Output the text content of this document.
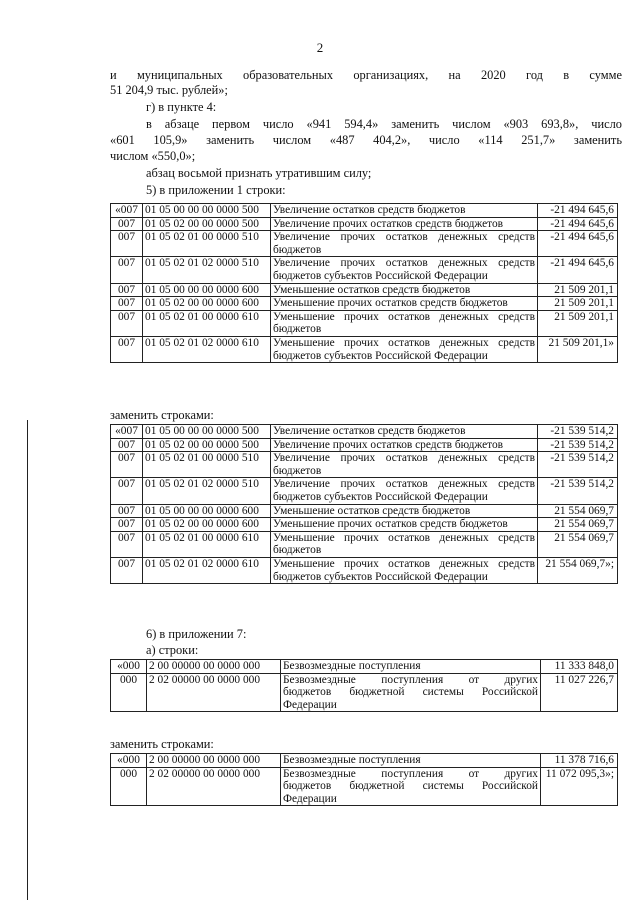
2
и муниципальных образовательных организациях, на 2020 год в сумме
51 204,9 тыс. рублей»;
г) в пункте 4:
в абзаце первом число «941 594,4» заменить числом «903 693,8», число
«601 105,9» заменить числом «487 404,2», число «114 251,7» заменить
числом «550,0»;
абзац восьмой признать утратившим силу;
5) в приложении 1 строки:
«007	01 05 00 00 00 0000 500	Увеличение остатков средств бюджетов	-21 494 645,6
007	01 05 02 00 00 0000 500	Увеличение прочих остатков средств бюджетов	-21 494 645,6
007	01 05 02 01 00 0000 510	Увеличение прочих остатков денежных средств
бюджетов	-21 494 645,6
007	01 05 02 01 02 0000 510	Увеличение прочих остатков денежных средств
бюджетов субъектов Российской Федерации	-21 494 645,6
007	01 05 00 00 00 0000 600	Уменьшение остатков средств бюджетов	21 509 201,1
007	01 05 02 00 00 0000 600	Уменьшение прочих остатков средств бюджетов	21 509 201,1
007	01 05 02 01 00 0000 610	Уменьшение прочих остатков денежных средств
бюджетов	21 509 201,1
007	01 05 02 01 02 0000 610	Уменьшение прочих остатков денежных средств
бюджетов субъектов Российской Федерации	21 509 201,1»
заменить строками:
«007	01 05 00 00 00 0000 500	Увеличение остатков средств бюджетов	-21 539 514,2
007	01 05 02 00 00 0000 500	Увеличение прочих остатков средств бюджетов	-21 539 514,2
007	01 05 02 01 00 0000 510	Увеличение прочих остатков денежных средств
бюджетов	-21 539 514,2
007	01 05 02 01 02 0000 510	Увеличение прочих остатков денежных средств
бюджетов субъектов Российской Федерации	-21 539 514,2
007	01 05 00 00 00 0000 600	Уменьшение остатков средств бюджетов	21 554 069,7
007	01 05 02 00 00 0000 600	Уменьшение прочих остатков средств бюджетов	21 554 069,7
007	01 05 02 01 00 0000 610	Уменьшение прочих остатков денежных средств
бюджетов	21 554 069,7
007	01 05 02 01 02 0000 610	Уменьшение прочих остатков денежных средств
бюджетов субъектов Российской Федерации	21 554 069,7»;
6) в приложении 7:
а) строки:
«000	2 00 00000 00 0000 000	Безвозмездные поступления	11 333 848,0
000	2 02 00000 00 0000 000	Безвозмездные поступления от других
бюджетов бюджетной системы Российской
Федерации	11 027 226,7
заменить строками:
«000	2 00 00000 00 0000 000	Безвозмездные поступления	11 378 716,6
000	2 02 00000 00 0000 000	Безвозмездные поступления от других
бюджетов бюджетной системы Российской
Федерации	11 072 095,3»;
